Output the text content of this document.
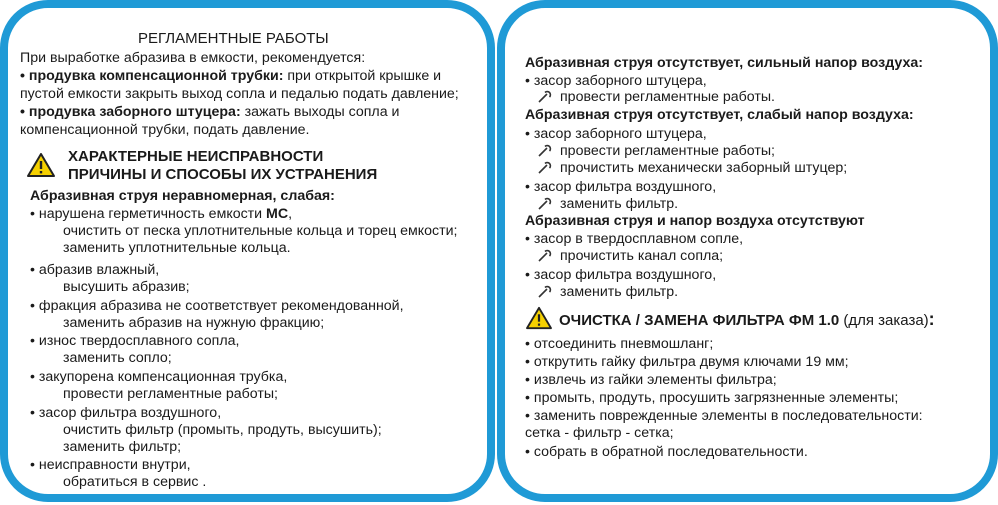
РЕГЛАМЕНТНЫЕ РАБОТЫ
При выработке абразива в емкости, рекомендуется:
• продувка компенсационной трубки: при открытой крышке и
пустой емкости закрыть выход сопла и педалью подать давление;
• продувка заборного штуцера: зажать выходы сопла и
компенсационной трубки, подать давление.
ХАРАКТЕРНЫЕ НЕИСПРАВНОСТИ
ПРИЧИНЫ И СПОСОБЫ ИХ УСТРАНЕНИЯ
Абразивная струя неравномерная, слабая:
• нарушена герметичность емкости МС,
очистить от песка уплотнительные кольца и торец емкости;
заменить уплотнительные кольца.
• абразив влажный,
высушить абразив;
• фракция абразива не соответствует рекомендованной,
заменить абразив на нужную фракцию;
• износ твердосплавного сопла,
заменить сопло;
• закупорена компенсационная трубка,
провести регламентные работы;
• засор фильтра воздушного,
очистить фильтр (промыть, продуть, высушить);
заменить фильтр;
• неисправности внутри,
обратиться в сервис .
Абразивная струя отсутствует, сильный напор воздуха:
• засор заборного штуцера,
провести регламентные работы.
Абразивная струя отсутствует, слабый напор воздуха:
• засор заборного штуцера,
провести регламентные работы;
прочистить механически заборный штуцер;
• засор фильтра воздушного,
заменить фильтр.
Абразивная струя и напор воздуха отсутствуют
• засор в твердосплавном сопле,
прочистить канал сопла;
• засор фильтра воздушного,
заменить фильтр.
ОЧИСТКА / ЗАМЕНА ФИЛЬТРА ФМ 1.0 (для заказа):
• отсоединить пневмошланг;
• открутить гайку фильтра двумя ключами 19 мм;
• извлечь из гайки элементы фильтра;
• промыть, продуть, просушить загрязненные элементы;
• заменить поврежденные элементы в последовательности:
сетка - фильтр - сетка;
• собрать в обратной последовательности.
